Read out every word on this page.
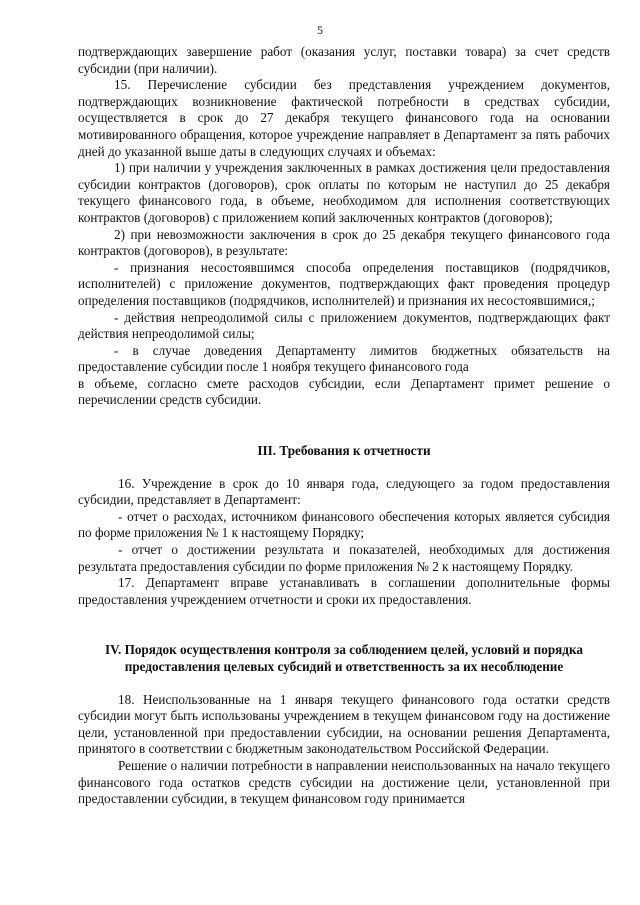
5

подтверждающих завершение работ (оказания услуг, поставки товара) за счет средств субсидии (при наличии).

15. Перечисление субсидии без представления учреждением документов, подтверждающих возникновение фактической потребности в средствах субсидии, осуществляется в срок до 27 декабря текущего финансового года на основании мотивированного обращения, которое учреждение направляет в Департамент за пять рабочих дней до указанной выше даты в следующих случаях и объемах:

1) при наличии у учреждения заключенных в рамках достижения цели предоставления субсидии контрактов (договоров), срок оплаты по которым не наступил до 25 декабря текущего финансового года, в объеме, необходимом для исполнения соответствующих контрактов (договоров) с приложением копий заключенных контрактов (договоров);

2) при невозможности заключения в срок до 25 декабря текущего финансового года контрактов (договоров), в результате:

- признания несостоявшимся способа определения поставщиков (подрядчиков, исполнителей) с приложение документов, подтверждающих факт проведения процедур определения поставщиков (подрядчиков, исполнителей) и признания их несостоявшимися,;

- действия непреодолимой силы с приложением документов, подтверждающих факт действия непреодолимой силы;

- в случае доведения Департаменту лимитов бюджетных обязательств на предоставление субсидии после 1 ноября текущего финансового года

в объеме, согласно смете расходов субсидии, если Департамент примет решение о перечислении средств субсидии.

III. Требования к отчетности

16. Учреждение в срок до 10 января года, следующего за годом предоставления субсидии, представляет в Департамент:

- отчет о расходах, источником финансового обеспечения которых является субсидия по форме приложения № 1 к настоящему Порядку;

- отчет о достижении результата и показателей, необходимых для достижения результата предоставления субсидии по форме приложения № 2 к настоящему Порядку.

17. Департамент вправе устанавливать в соглашении дополнительные формы предоставления учреждением отчетности и сроки их предоставления.

IV. Порядок осуществления контроля за соблюдением целей, условий и порядка предоставления целевых субсидий и ответственность за их несоблюдение

18. Неиспользованные на 1 января текущего финансового года остатки средств субсидии могут быть использованы учреждением в текущем финансовом году на достижение цели, установленной при предоставлении субсидии, на основании решения Департамента, принятого в соответствии с бюджетным законодательством Российской Федерации.

Решение о наличии потребности в направлении неиспользованных на начало текущего финансового года остатков средств субсидии на достижение цели, установленной при предоставлении субсидии, в текущем финансовом году принимается
